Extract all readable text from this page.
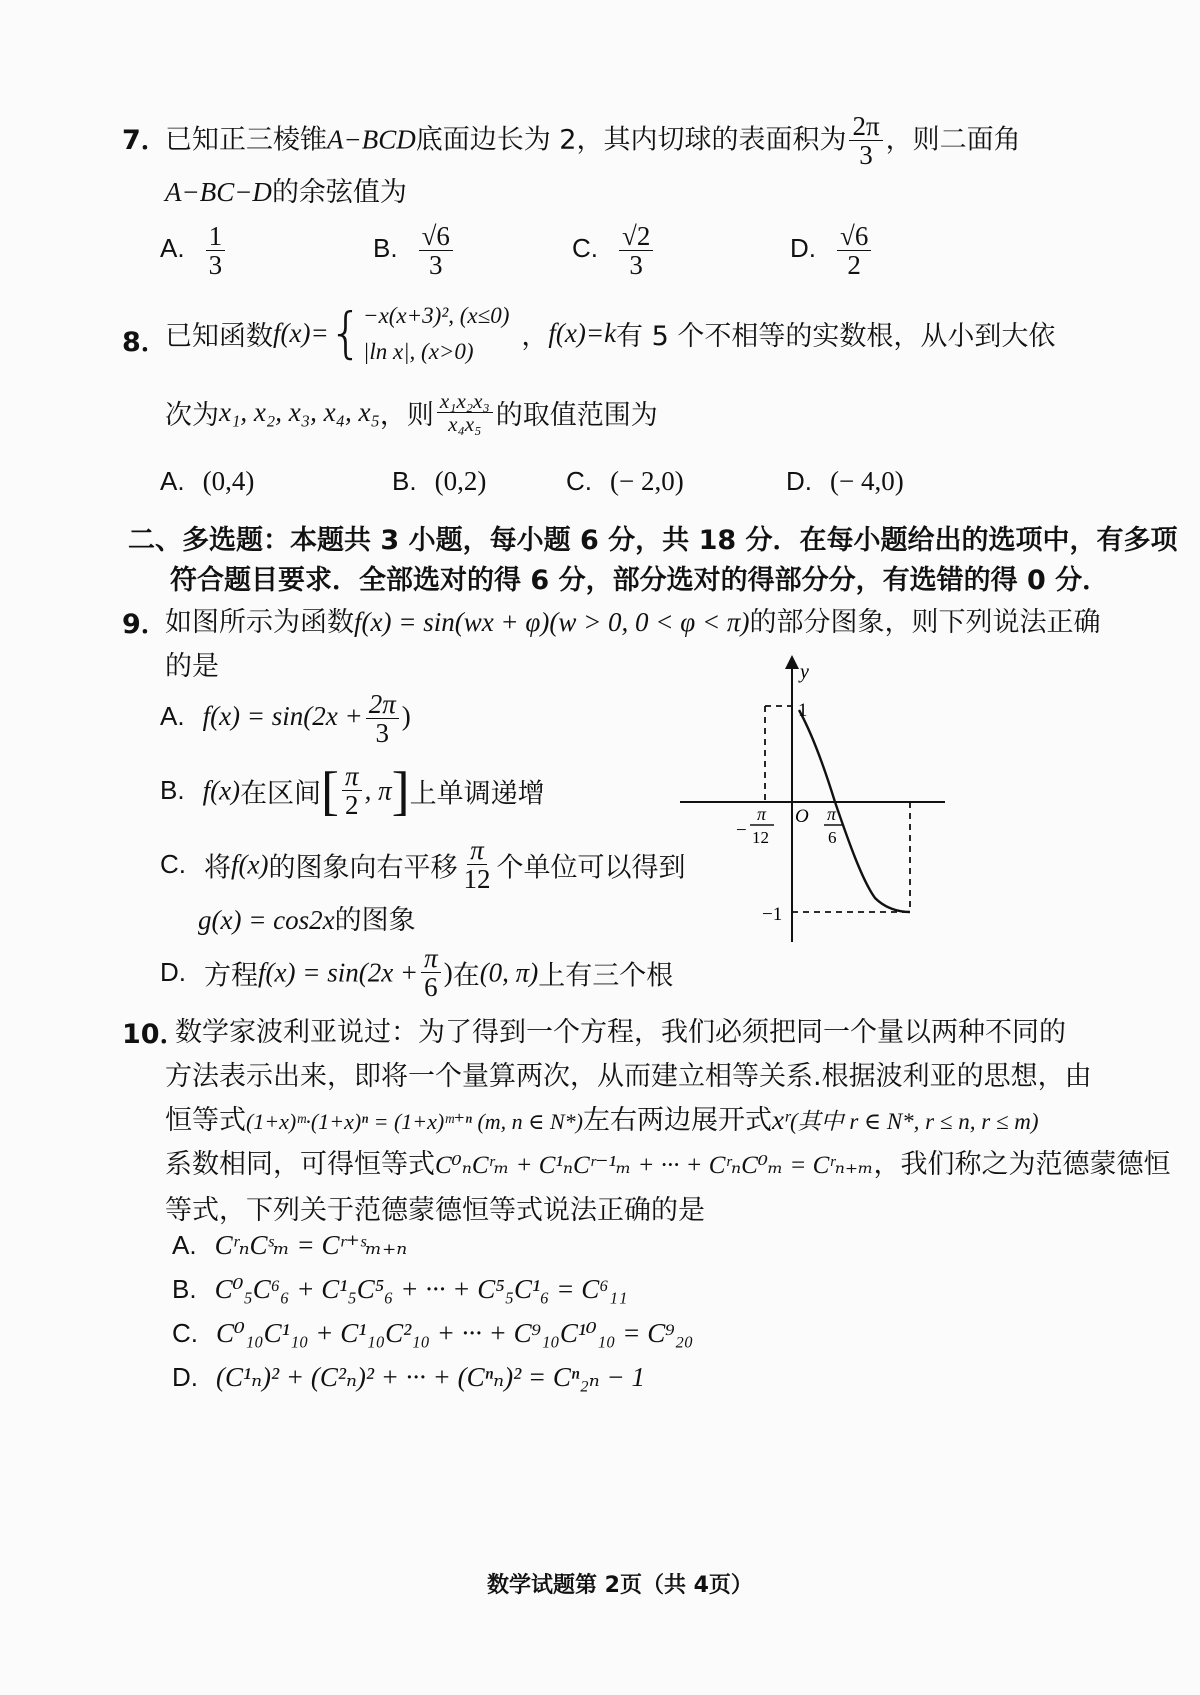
7．
已知正三棱锥A−BCD底面边长为 2，其内切球的表面积为 $\frac{2\pi}{3}$ ，则二面角
A−BC−D的余弦值为
A. $\frac{1}{3}$	B. $\frac{√6}{3}$	C. $\frac{√2}{3}$	D. $\frac{√6}{2}$
8．
已知函数f(x)={ −x(x+3)², (x≤0)
|ln x|, (x>0)	，f(x)=k有 5 个不相等的实数根，从小到大依
次为x₁, x₂, x₃, x₄, x₅，则 $\frac{\text{x₁x₂x₃}}{\text{x₄x₅}}$ 的取值范围为
A. (0,4)	B. (0,2)	C. (− 2,0)	D. (− 4,0)
二、多选题：本题共 3 小题，每小题 6 分，共 18 分．在每小题给出的选项中，有多项
符合题目要求．全部选对的得 6 分，部分选对的得部分分，有选错的得 0 分．
9．
如图所示为函数f(x) = sin(wx + φ)(w > 0, 0 < φ < π)的部分图象，则下列说法正确
的是
A. $f(x) = \sin(2x + \frac{2\pi}{3}$ )
B. f(x)在区间[ $\frac{\pi}{2}$ , π]上单调递增
C. 将f(x)的图象向右平移 $\frac{\pi}{12}$ 个单位可以得到
g(x) = cos2x的图象
D. 方程$f(x) = \sin(2x + \frac{\pi}{6}$ )在(0, π)上有三个根
y
O
1
−1
−
π
12
π
6
10．
数学家波利亚说过：为了得到一个方程，我们必须把同一个量以两种不同的
方法表示出来，即将一个量算两次，从而建立相等关系.根据波利亚的思想，由
恒等式(1+x)ᵐ·(1+x)ⁿ = (1+x)ᵐ⁺ⁿ (m, n ∈ N*)左右两边展开式xʳ(其中 r ∈ N*, r ≤ n, r ≤ m)
系数相同，可得恒等式C⁰ₙCʳₘ + C¹ₙCʳ⁻¹ₘ + ··· + CʳₙC⁰ₘ = Cʳₙ₊ₘ，我们称之为范德蒙德恒
等式，下列关于范德蒙德恒等式说法正确的是
A. CʳₙCˢₘ = Cʳ⁺ˢₘ₊ₙ
B. C⁰₅C⁶₆ + C¹₅C⁵₆ + ··· + C⁵₅C¹₆ = C⁶₁₁
C. C⁰₁₀C¹₁₀ + C¹₁₀C²₁₀ + ··· + C⁹₁₀C¹⁰₁₀ = C⁹₂₀
D. (C¹ₙ)² + (C²ₙ)² + ··· + (Cⁿₙ)² = Cⁿ₂ₙ − 1
数学试题第 2页（共 4页）
